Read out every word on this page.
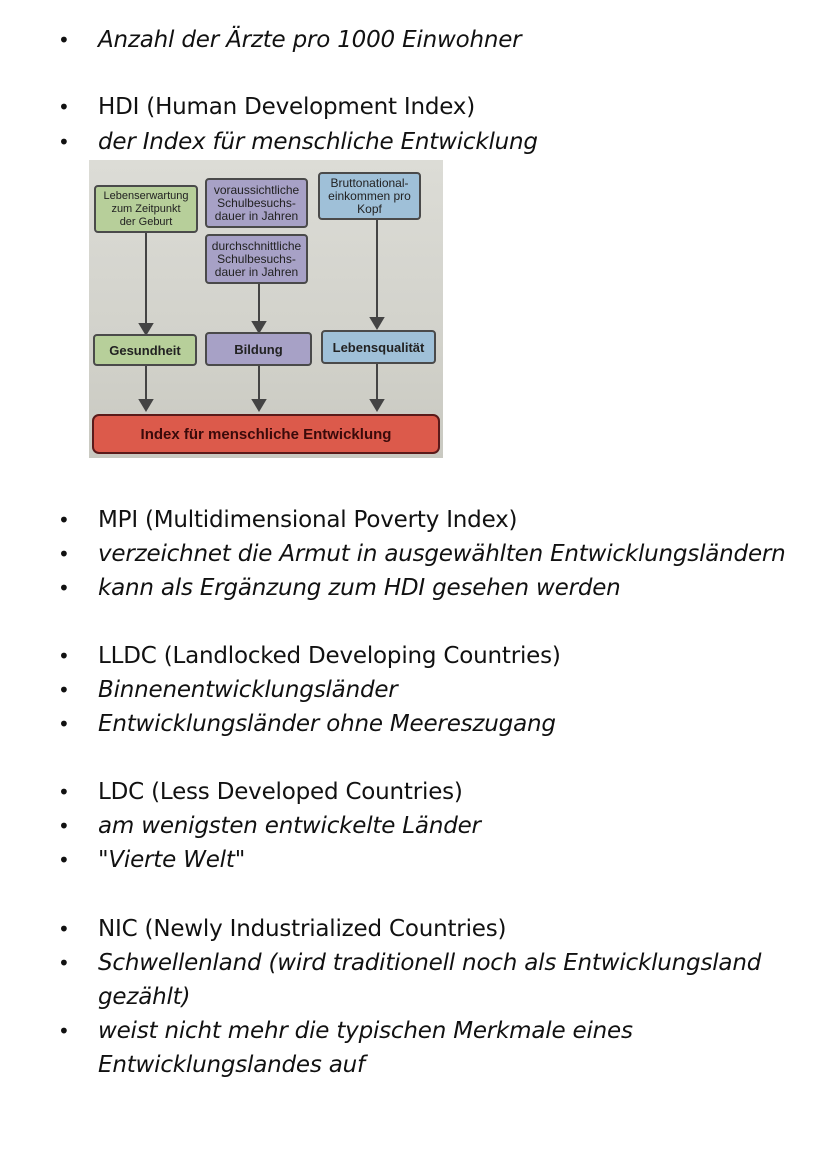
• Anzahl der Ärzte pro 1000 Einwohner
• HDI (Human Development Index)
• der Index für menschliche Entwicklung
Lebenserwartung
zum Zeitpunkt
der Geburt
voraussichtliche
Schulbesuchs-
dauer in Jahren
durchschnittliche
Schulbesuchs-
dauer in Jahren
Bruttonational-
einkommen pro
Kopf
Gesundheit	Bildung	Lebensqualität
Index für menschliche Entwicklung
• MPI (Multidimensional Poverty Index)
• verzeichnet die Armut in ausgewählten Entwicklungsländern
• kann als Ergänzung zum HDI gesehen werden
• LLDC (Landlocked Developing Countries)
• Binnenentwicklungsländer
• Entwicklungsländer ohne Meereszugang
• LDC (Less Developed Countries)
• am wenigsten entwickelte Länder
• "Vierte Welt"
• NIC (Newly Industrialized Countries)
• Schwellenland (wird traditionell noch als Entwicklungsland gezählt)
• weist nicht mehr die typischen Merkmale eines Entwicklungslandes auf
